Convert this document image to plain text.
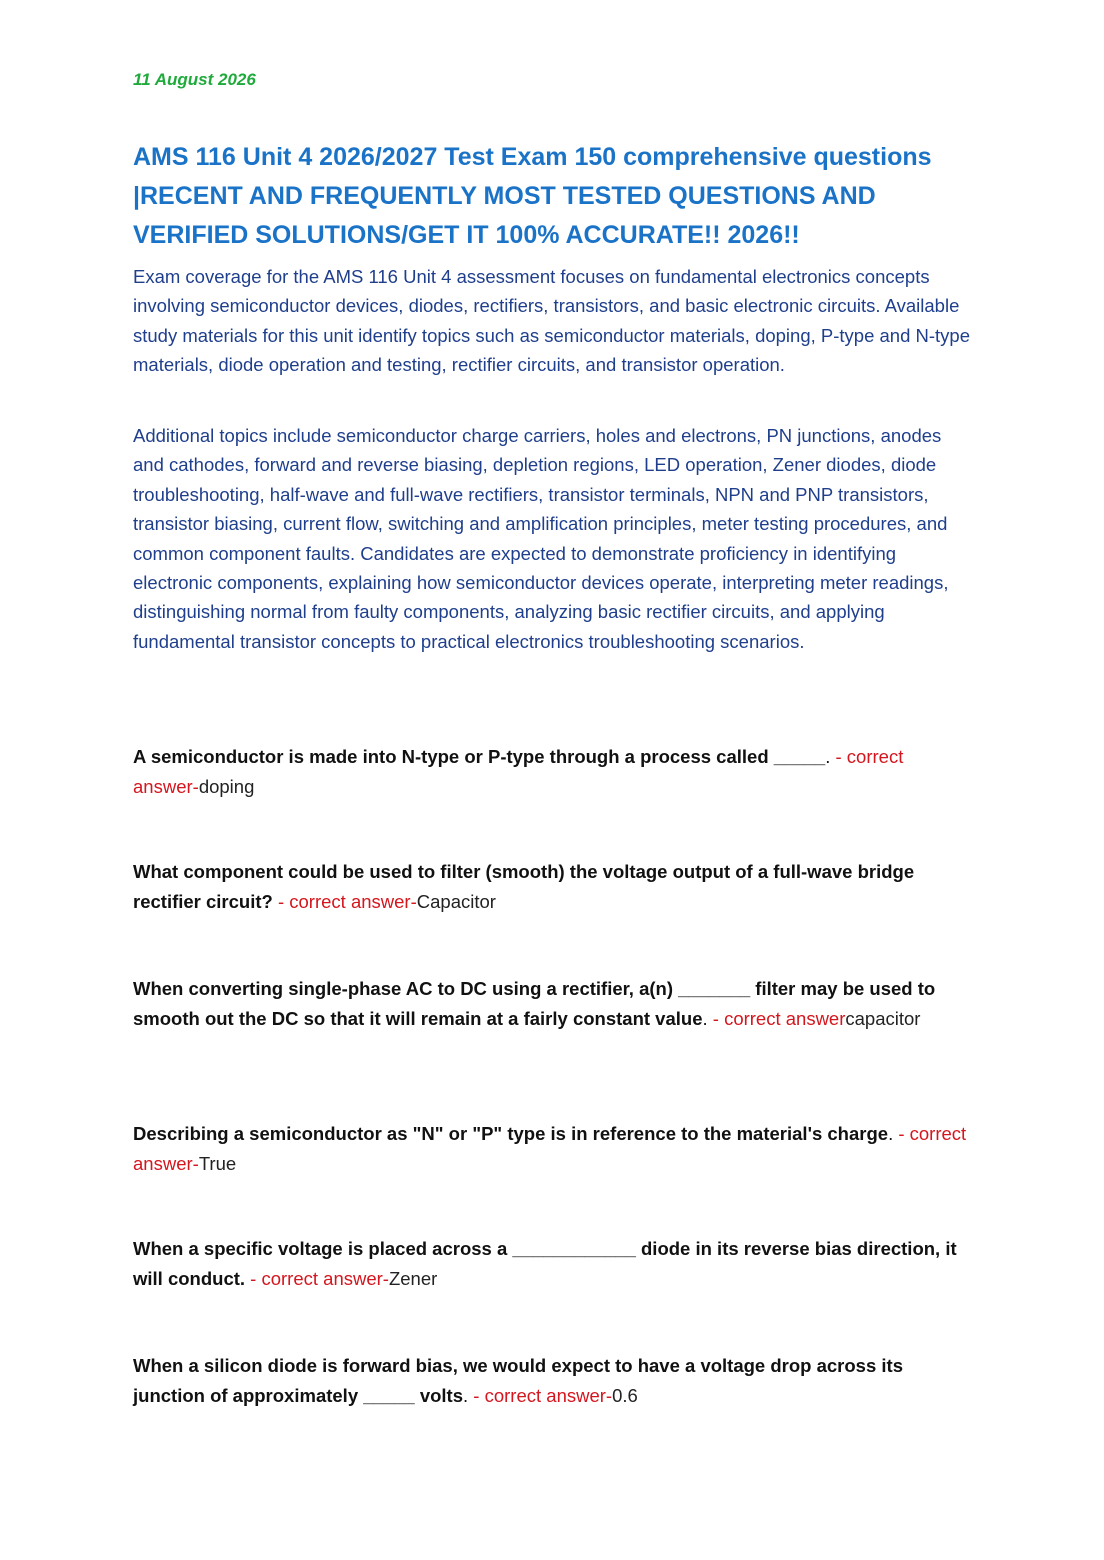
11 August 2026
AMS 116 Unit 4 2026/2027 Test Exam 150 comprehensive questions |RECENT AND FREQUENTLY MOST TESTED QUESTIONS AND VERIFIED SOLUTIONS/GET IT 100% ACCURATE!! 2026!!

Exam coverage for the AMS 116 Unit 4 assessment focuses on fundamental electronics concepts involving semiconductor devices, diodes, rectifiers, transistors, and basic electronic circuits. Available study materials for this unit identify topics such as semiconductor materials, doping, P-type and N-type materials, diode operation and testing, rectifier circuits, and transistor operation.

Additional topics include semiconductor charge carriers, holes and electrons, PN junctions, anodes and cathodes, forward and reverse biasing, depletion regions, LED operation, Zener diodes, diode troubleshooting, half-wave and full-wave rectifiers, transistor terminals, NPN and PNP transistors, transistor biasing, current flow, switching and amplification principles, meter testing procedures, and common component faults. Candidates are expected to demonstrate proficiency in identifying electronic components, explaining how semiconductor devices operate, interpreting meter readings, distinguishing normal from faulty components, analyzing basic rectifier circuits, and applying fundamental transistor concepts to practical electronics troubleshooting scenarios.

A semiconductor is made into N-type or P-type through a process called _____. - correct answer-doping

What component could be used to filter (smooth) the voltage output of a full-wave bridge rectifier circuit? - correct answer-Capacitor

When converting single-phase AC to DC using a rectifier, a(n) _______ filter may be used to smooth out the DC so that it will remain at a fairly constant value. - correct answercapacitor

Describing a semiconductor as "N" or "P" type is in reference to the material's charge. - correct answer-True

When a specific voltage is placed across a ____________ diode in its reverse bias direction, it will conduct. - correct answer-Zener

When a silicon diode is forward bias, we would expect to have a voltage drop across its junction of approximately _____ volts. - correct answer-0.6
